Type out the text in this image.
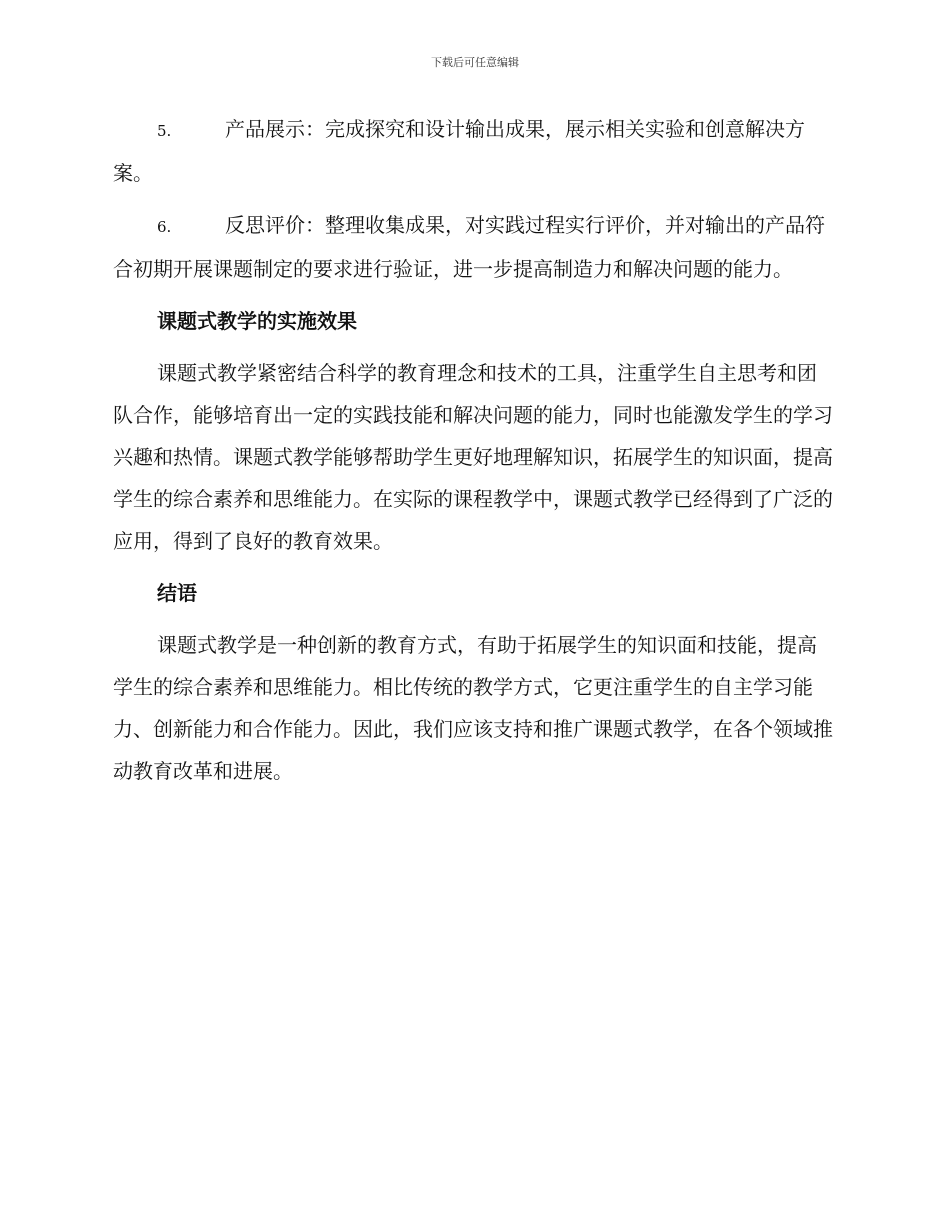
下载后可任意编辑

5.	产品展示：完成探究和设计输出成果，展示相关实验和创意解决方案。

6.	反思评价：整理收集成果，对实践过程实行评价，并对输出的产品符合初期开展课题制定的要求进行验证，进一步提高制造力和解决问题的能力。

课题式教学的实施效果

课题式教学紧密结合科学的教育理念和技术的工具，注重学生自主思考和团队合作，能够培育出一定的实践技能和解决问题的能力，同时也能激发学生的学习兴趣和热情。课题式教学能够帮助学生更好地理解知识，拓展学生的知识面，提高学生的综合素养和思维能力。在实际的课程教学中，课题式教学已经得到了广泛的应用，得到了良好的教育效果。

结语

课题式教学是一种创新的教育方式，有助于拓展学生的知识面和技能，提高学生的综合素养和思维能力。相比传统的教学方式，它更注重学生的自主学习能力、创新能力和合作能力。因此，我们应该支持和推广课题式教学，在各个领域推动教育改革和进展。
